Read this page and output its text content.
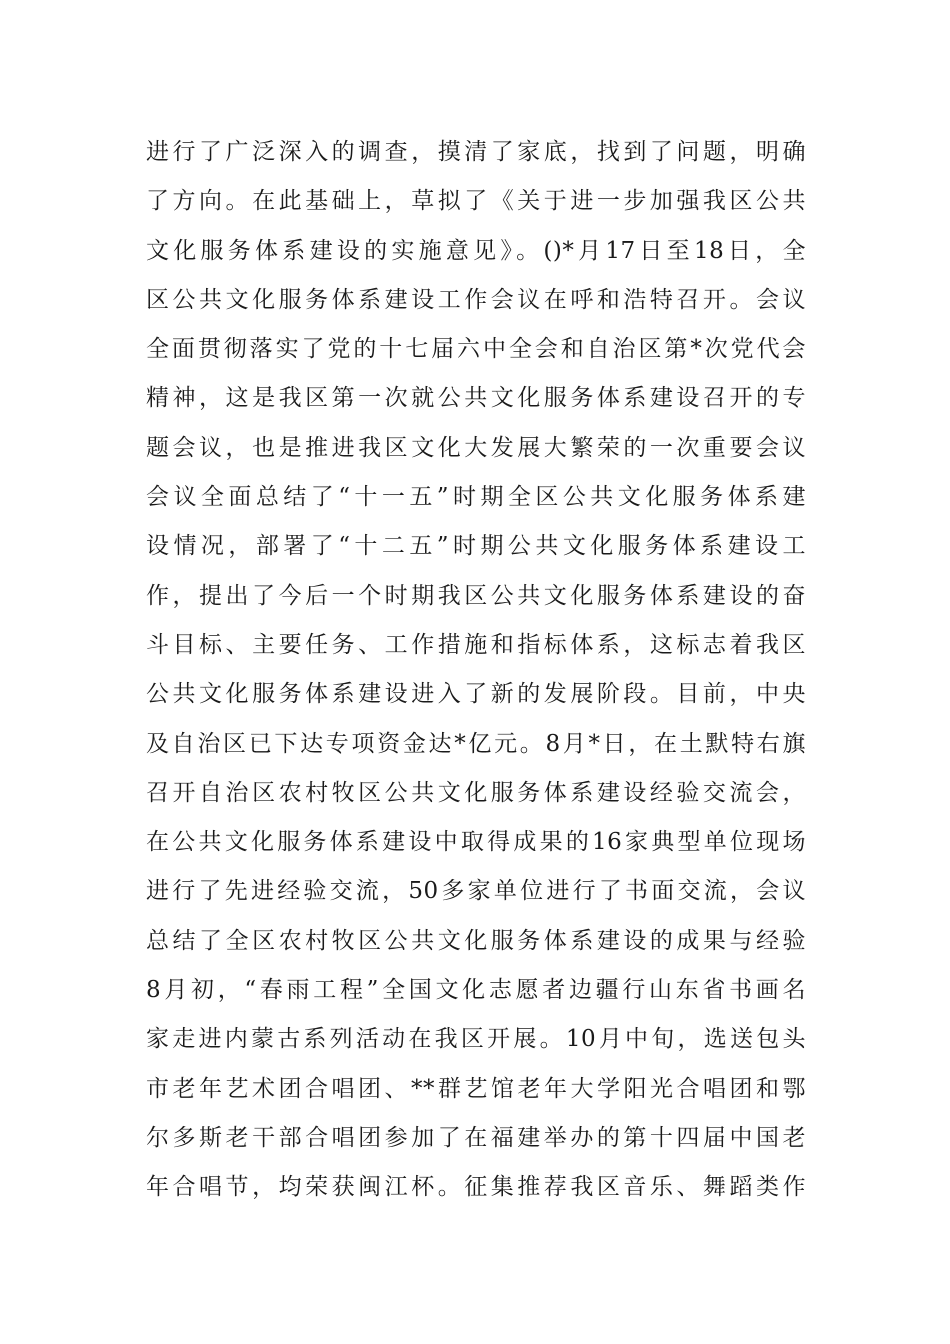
进行了广泛深入的调查，摸清了家底，找到了问题，明确
了方向。在此基础上，草拟了《关于进一步加强我区公共
文化服务体系建设的实施意见》。()*月17日至18日，全
区公共文化服务体系建设工作会议在呼和浩特召开。会议
全面贯彻落实了党的十七届六中全会和自治区第*次党代会
精神，这是我区第一次就公共文化服务体系建设召开的专
题会议，也是推进我区文化大发展大繁荣的一次重要会议
会议全面总结了“十一五”时期全区公共文化服务体系建
设情况，部署了“十二五”时期公共文化服务体系建设工
作，提出了今后一个时期我区公共文化服务体系建设的奋
斗目标、主要任务、工作措施和指标体系，这标志着我区
公共文化服务体系建设进入了新的发展阶段。目前，中央
及自治区已下达专项资金达*亿元。8月*日，在土默特右旗
召开自治区农村牧区公共文化服务体系建设经验交流会，
在公共文化服务体系建设中取得成果的16家典型单位现场
进行了先进经验交流，50多家单位进行了书面交流，会议
总结了全区农村牧区公共文化服务体系建设的成果与经验
8月初，“春雨工程”全国文化志愿者边疆行山东省书画名
家走进内蒙古系列活动在我区开展。10月中旬，选送包头
市老年艺术团合唱团、**群艺馆老年大学阳光合唱团和鄂
尔多斯老干部合唱团参加了在福建举办的第十四届中国老
年合唱节，均荣获闽江杯。征集推荐我区音乐、舞蹈类作
